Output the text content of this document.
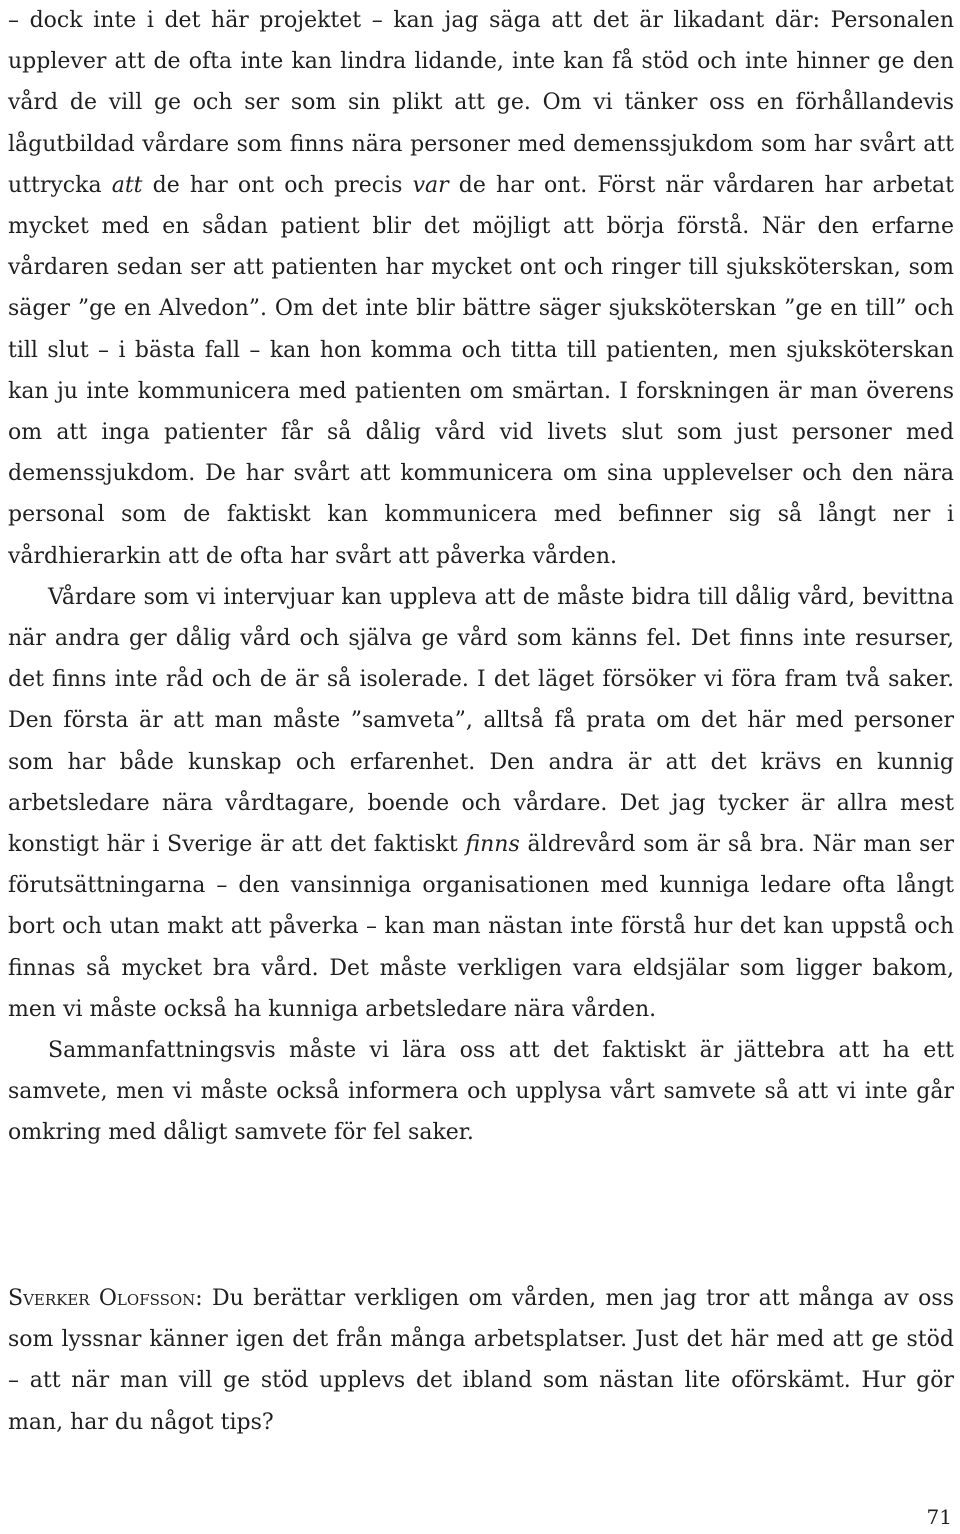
– dock inte i det här projektet – kan jag säga att det är likadant där: Personalen upplever att de ofta inte kan lindra lidande, inte kan få stöd och inte hinner ge den vård de vill ge och ser som sin plikt att ge. Om vi tänker oss en förhållandevis lågutbildad vårdare som finns nära personer med demenssjukdom som har svårt att uttrycka att de har ont och precis var de har ont. Först när vårdaren har arbetat mycket med en sådan patient blir det möjligt att börja förstå. När den erfarne vårdaren sedan ser att patienten har mycket ont och ringer till sjuksköterskan, som säger ”ge en Alvedon”. Om det inte blir bättre säger sjuksköterskan ”ge en till” och till slut – i bästa fall – kan hon komma och titta till patienten, men sjuksköterskan kan ju inte kommunicera med patienten om smärtan. I forskningen är man överens om att inga patienter får så dålig vård vid livets slut som just personer med demenssjukdom. De har svårt att kommunicera om sina upplevelser och den nära personal som de faktiskt kan kommunicera med befinner sig så långt ner i vårdhierarkin att de ofta har svårt att påverka vården.

Vårdare som vi intervjuar kan uppleva att de måste bidra till dålig vård, bevittna när andra ger dålig vård och själva ge vård som känns fel. Det finns inte resurser, det finns inte råd och de är så isolerade. I det läget försöker vi föra fram två saker. Den första är att man måste ”samveta”, alltså få prata om det här med personer som har både kunskap och erfarenhet. Den andra är att det krävs en kunnig arbetsledare nära vårdtagare, boende och vårdare. Det jag tycker är allra mest konstigt här i Sverige är att det faktiskt finns äldrevård som är så bra. När man ser förutsättningarna – den vansinniga organisationen med kunniga ledare ofta långt bort och utan makt att påverka – kan man nästan inte förstå hur det kan uppstå och finnas så mycket bra vård. Det måste verkligen vara eldsjälar som ligger bakom, men vi måste också ha kunniga arbetsledare nära vården.

Sammanfattningsvis måste vi lära oss att det faktiskt är jättebra att ha ett samvete, men vi måste också informera och upplysa vårt samvete så att vi inte går omkring med dåligt samvete för fel saker.

Sverker Olofsson: Du berättar verkligen om vården, men jag tror att många av oss som lyssnar känner igen det från många arbetsplatser. Just det här med att ge stöd – att när man vill ge stöd upplevs det ibland som nästan lite oförskämt. Hur gör man, har du något tips?
71
